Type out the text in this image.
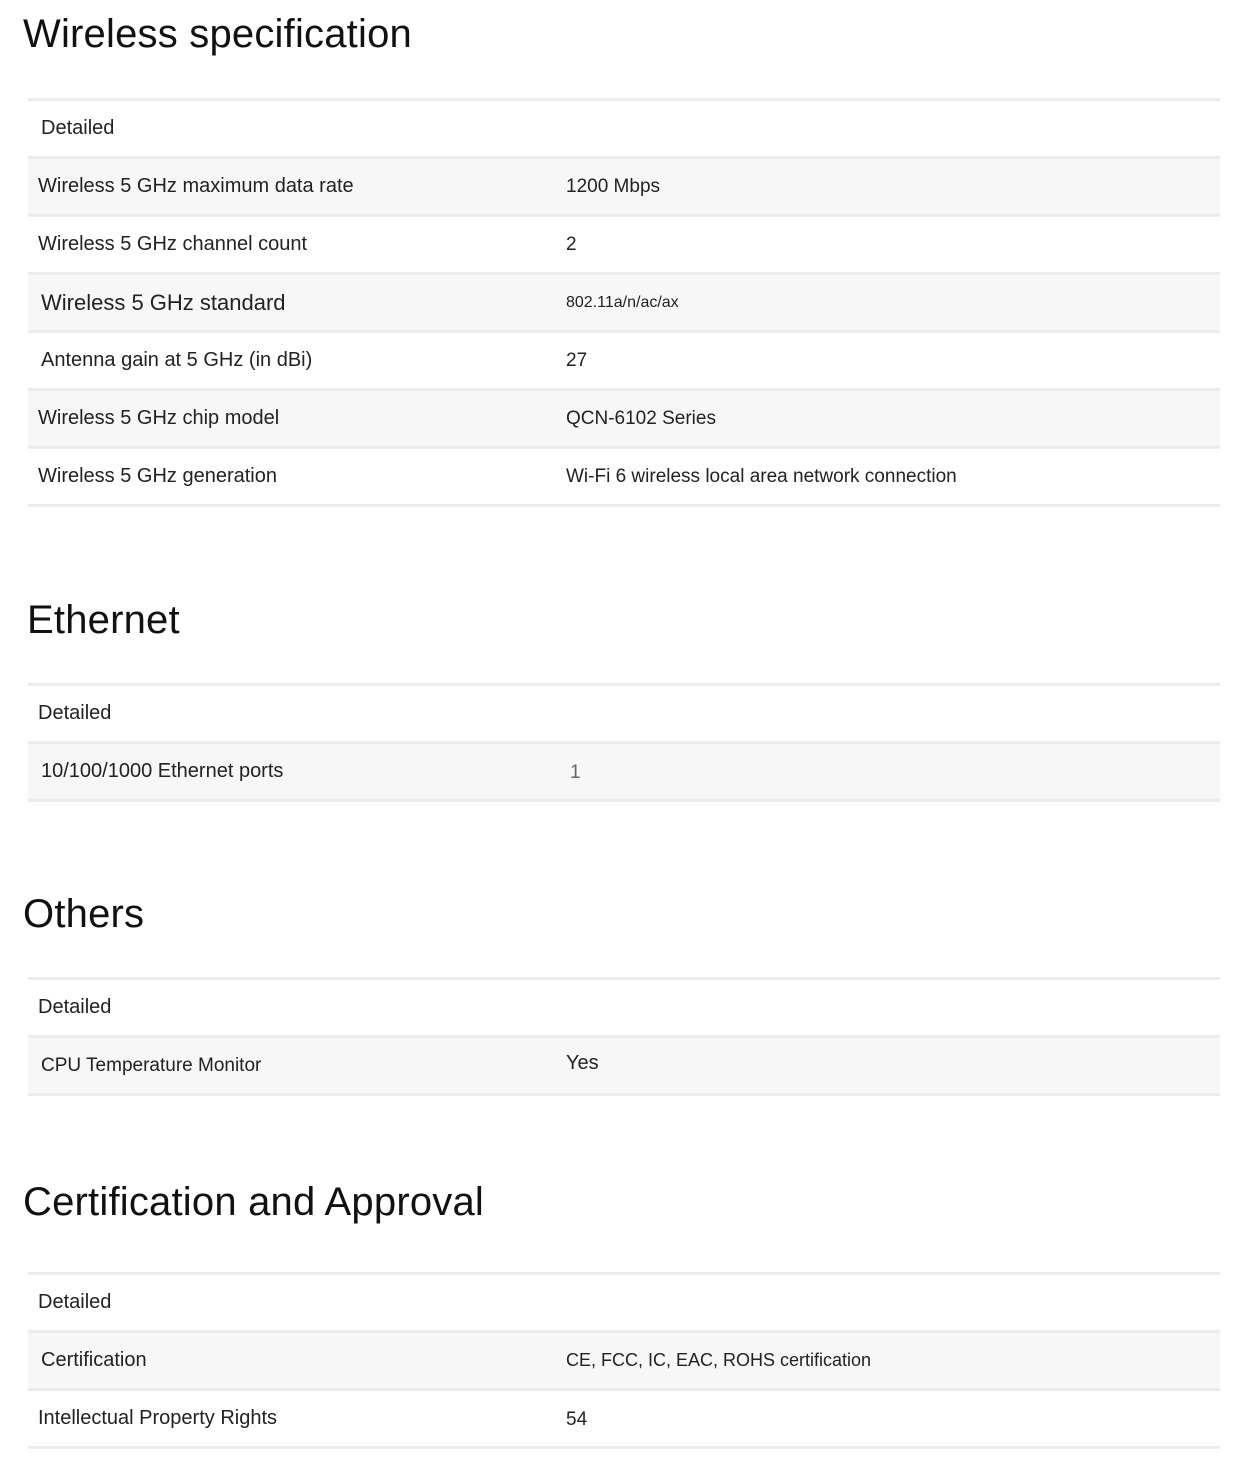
Wireless specification
Detailed
Wireless 5 GHz maximum data rate	1200 Mbps
Wireless 5 GHz channel count	2
Wireless 5 GHz standard	802.11a/n/ac/ax
Antenna gain at 5 GHz (in dBi)	27
Wireless 5 GHz chip model	QCN-6102 Series
Wireless 5 GHz generation	Wi-Fi 6 wireless local area network connection
Ethernet
Detailed
10/100/1000 Ethernet ports	1
Others
Detailed
CPU Temperature Monitor	Yes
Certification and Approval
Detailed
Certification	CE, FCC, IC, EAC, ROHS certification
Intellectual Property Rights	54
